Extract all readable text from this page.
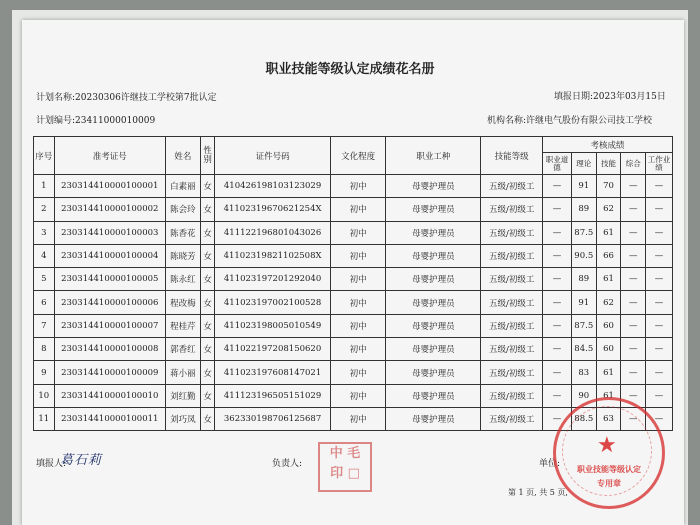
职业技能等级认定成绩花名册
计划名称:20230306许继技工学校第7批认定	填报日期:2023年03月15日
计划编号:23411000010009	机构名称:许继电气股份有限公司技工学校
序号	准考证号	姓名	性别	证件号码	文化程度	职业工种	技能等级	考核成绩				
								职业道德	理论	技能	综合	工作业绩
1	230314410000100001	白素丽	女	410426198103123029	初中	母婴护理员	五级/初级工	—	91	70	—	—
2	230314410000100002	陈会玲	女	41102319670621254X	初中	母婴护理员	五级/初级工	—	89	62	—	—
3	230314410000100003	陈香花	女	411122196801043026	初中	母婴护理员	五级/初级工	—	87.5	61	—	—
4	230314410000100004	陈晓芳	女	41102319821102508X	初中	母婴护理员	五级/初级工	—	90.5	66	—	—
5	230314410000100005	陈永红	女	411023197201292040	初中	母婴护理员	五级/初级工	—	89	61	—	—
6	230314410000100006	程改梅	女	411023197002100528	初中	母婴护理员	五级/初级工	—	91	62	—	—
7	230314410000100007	程桂芹	女	411023198005010549	初中	母婴护理员	五级/初级工	—	87.5	60	—	—
8	230314410000100008	郭香红	女	411022197208150620	初中	母婴护理员	五级/初级工	—	84.5	60	—	—
9	230314410000100009	蒋小丽	女	411023197608147021	初中	母婴护理员	五级/初级工	—	83	61	—	—
10	230314410000100010	刘红勤	女	411123196505151029	初中	母婴护理员	五级/初级工	—	90	61	—	—
11	230314410000100011	刘巧凤	女	362330198706125687	初中	母婴护理员	五级/初级工	—	88.5	63	—	—
填报人:
葛石莉	负责人:
中 毛
印 □
单位:
第 1 页, 共 5 页,
★
职业技能等级认定
专用章
